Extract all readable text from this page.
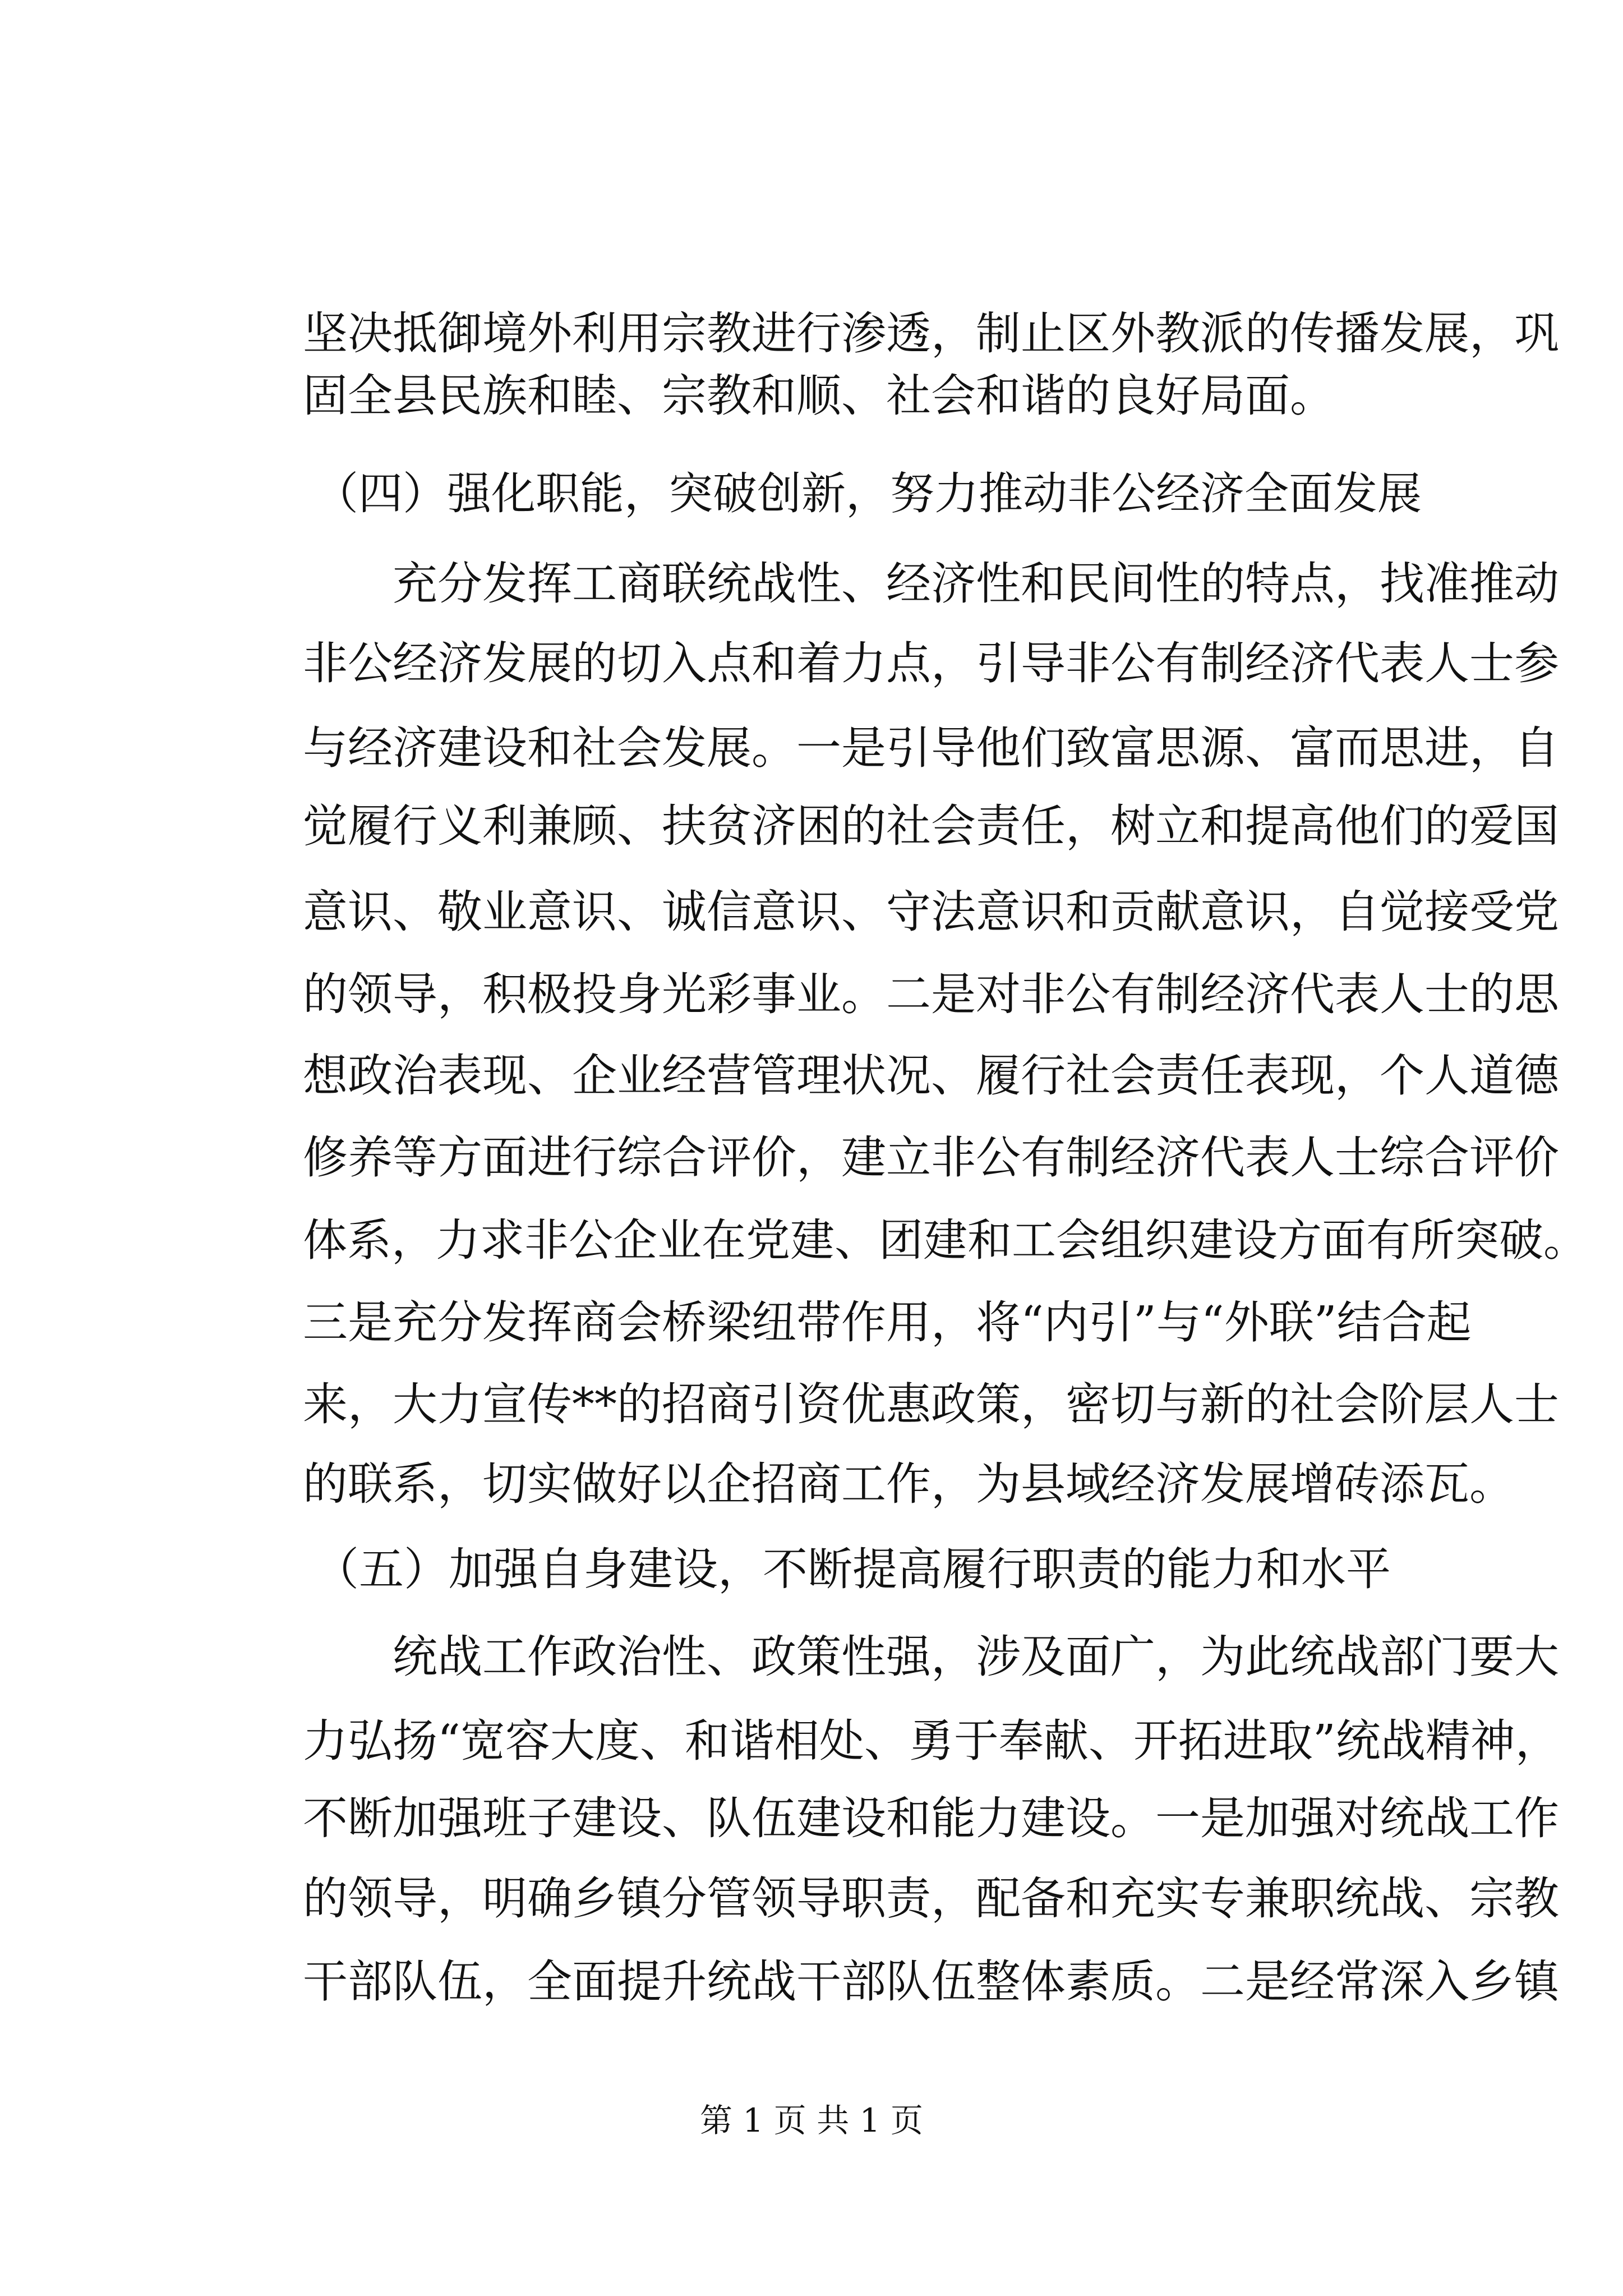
坚决抵御境外利用宗教进行渗透，制止区外教派的传播发展，巩
固全县民族和睦、宗教和顺、社会和谐的良好局面。
（四）强化职能，突破创新，努力推动非公经济全面发展
充分发挥工商联统战性、经济性和民间性的特点，找准推动
非公经济发展的切入点和着力点，引导非公有制经济代表人士参
与经济建设和社会发展。一是引导他们致富思源、富而思进，自
觉履行义利兼顾、扶贫济困的社会责任，树立和提高他们的爱国
意识、敬业意识、诚信意识、守法意识和贡献意识，自觉接受党
的领导，积极投身光彩事业。二是对非公有制经济代表人士的思
想政治表现、企业经营管理状况、履行社会责任表现，个人道德
修养等方面进行综合评价，建立非公有制经济代表人士综合评价
体系，力求非公企业在党建、团建和工会组织建设方面有所突破。
三是充分发挥商会桥梁纽带作用，将“内引”与“外联”结合起
来，大力宣传**的招商引资优惠政策，密切与新的社会阶层人士
的联系，切实做好以企招商工作，为县域经济发展增砖添瓦。
（五）加强自身建设，不断提高履行职责的能力和水平
统战工作政治性、政策性强，涉及面广，为此统战部门要大
力弘扬“宽容大度、和谐相处、勇于奉献、开拓进取”统战精神，
不断加强班子建设、队伍建设和能力建设。一是加强对统战工作
的领导，明确乡镇分管领导职责，配备和充实专兼职统战、宗教
干部队伍，全面提升统战干部队伍整体素质。二是经常深入乡镇
第 1 页 共 1 页
